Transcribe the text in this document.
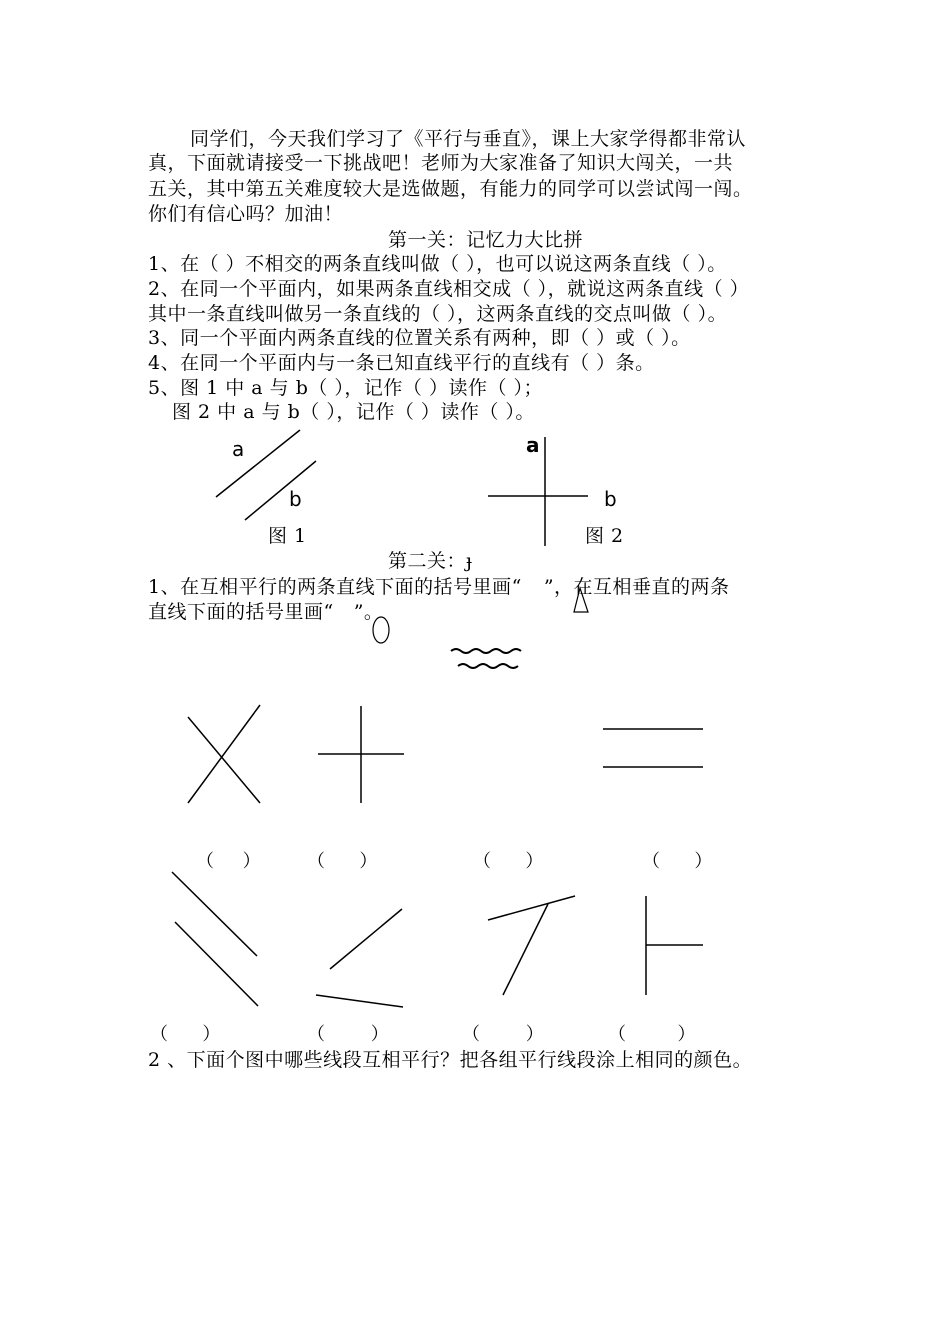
同学们，今天我们学习了《平行与垂直》，课上大家学得都非常认
真，下面就请接受一下挑战吧！老师为大家准备了知识大闯关，一共
五关，其中第五关难度较大是选做题，有能力的同学可以尝试闯一闯。
你们有信心吗？加油！
第一关：记忆力大比拼
1、在（ ）不相交的两条直线叫做（ ），也可以说这两条直线（ ）。
2、在同一个平面内，如果两条直线相交成（ ），就说这两条直线（ ）
其中一条直线叫做另一条直线的（ ），这两条直线的交点叫做（ ）。
3、同一个平面内两条直线的位置关系有两种，即（ ）或（ ）。
4、在同一个平面内与一条已知直线平行的直线有（ ）条。
5、图 1 中 a 与 b（ ），记作（ ）读作（ ）；
图 2 中 a 与 b（ ），记作（ ）读作（ ）。
a
b
图 1
a
b
图 2
第二关：ɟ
1、在互相平行的两条直线下面的括号里画“ ”，在互相垂直的两条
直线下面的括号里画“ ”。
（     ）	（      ）	（      ）	（      ）
（      ）	（        ）	（        ）	（         ）
2 、下面个图中哪些线段互相平行？把各组平行线段涂上相同的颜色。
